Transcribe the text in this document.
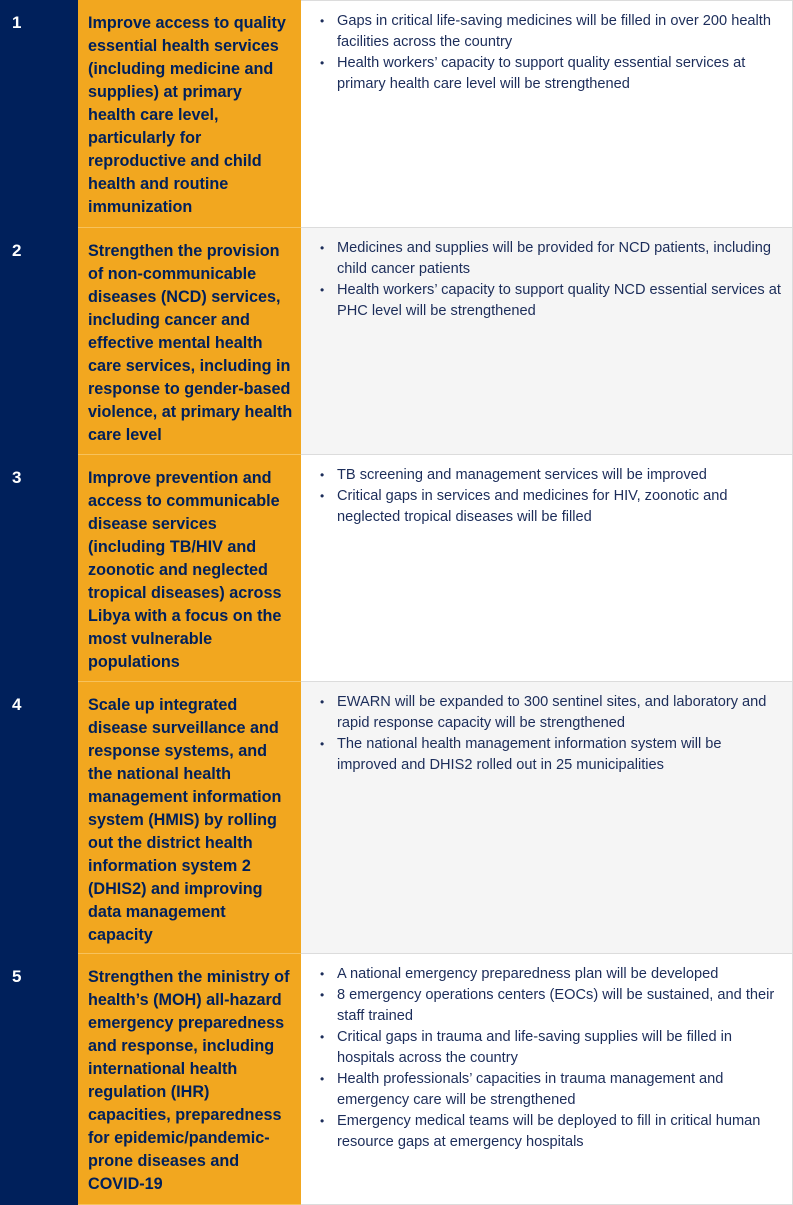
1	Improve access to quality essential health services (including medicine and supplies) at primary health care level, particularly for reproductive and child health and routine immunization
• Gaps in critical life-saving medicines will be filled in over 200 health facilities across the country
• Health workers’ capacity to support quality essential services at primary health care level will be strengthened
2	Strengthen the provision of non-communicable diseases (NCD) services, including cancer and effective mental health care services, including in response to gender-based violence, at primary health care level
• Medicines and supplies will be provided for NCD patients, including child cancer patients
• Health workers’ capacity to support quality NCD essential services at PHC level will be strengthened
3	Improve prevention and access to communicable disease services (including TB/HIV and zoonotic and neglected tropical diseases) across Libya with a focus on the most vulnerable populations
• TB screening and management services will be improved
• Critical gaps in services and medicines for HIV, zoonotic and neglected tropical diseases will be filled
4	Scale up integrated disease surveillance and response systems, and the national health management information system (HMIS) by rolling out the district health information system 2 (DHIS2) and improving data management capacity
• EWARN will be expanded to 300 sentinel sites, and laboratory and rapid response capacity will be strengthened
• The national health management information system will be improved and DHIS2 rolled out in 25 municipalities
5	Strengthen the ministry of health’s (MOH) all-hazard emergency preparedness and response, including international health regulation (IHR) capacities, preparedness for epidemic/pandemic-prone diseases and COVID-19
• A national emergency preparedness plan will be developed
• 8 emergency operations centers (EOCs) will be sustained, and their staff trained
• Critical gaps in trauma and life-saving supplies will be filled in hospitals across the country
• Health professionals’ capacities in trauma management and emergency care will be strengthened
• Emergency medical teams will be deployed to fill in critical human resource gaps at emergency hospitals
